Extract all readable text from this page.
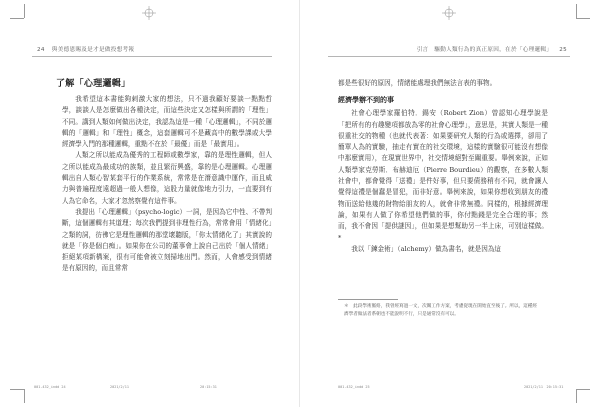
24 與美德恩賜及是才是做投想考報
了解「心理邏輯」

我希望這本書能夠刺激大家的想法，只不過我顧好要談一點點哲學，談談人是怎麼做出各種決定，而這些決定又怎樣與所謂的「理性」不同。講到人類如何做出決定，我認為這是一種「心理邏輯」，不同於邏輯的「邏輯」和「理性」概念，這套邏輯可不是藏高中的數學課或大學經濟學入門的那種邏輯，重點不在於「最優」而是「最實用」。

人類之所以能成為優秀的工程師或數學家，靠的是理性邏輯，但人之所以能成為最成功的族類，並且繁衍興盛，靠的是心理邏輯。心理邏輯出自人類心智某套平行的作業系統，常常是在潛意識中運作，而且威力與普遍程度遠超過一般人想像，這股力量就像地力引力，一直要到有人為它命名，大家才忽然察覺有這件事。

我提出「心理邏輯」（psycho-logic）一詞，是因為它中性、不帶判斷，這個邏輯有其道理；每次我們提到非理性行為，常常會用「情緒化」之類的詞，彷彿它是理性邏輯的那堂壞聽版，「你太情緒化了」其實說的就是「你是個白痴」。如果你在公司的董事會上說自己出於「個人情緒」拒絕某項新構案，很有可能會被立刻掃地出門。然而，人會感受到情緒是有原因的，而且常常

001-432_indd 24	2021/2/11	20:15:31
引言　驅動人類行為的真正原因，在於「心理邏輯」 25

都是些很好的原因，情緒能處理我們無法言表的事物。

經濟學辦不到的事

社會心理學家羅伯特．錫安（Robert Zion）曾認知心理學說是「把所有的有趣變項都放為零的社會心理學」，意思是，其實人類是一種很重社交的物種（也就代表著：如果要研究人類的行為或選擇，卻用了簡單人為的實驗，抽走有實在的社交環境，這樣的實驗很可能沒有想像中那麼實用），在現實世界中，社交情境絕對至關重要。舉例來說，正如人類學家克勞斯．布赫迪厄（Pierre Bourdieu）的觀察，在多數人類社會中，都會覺得「送禮」是件好事，但只要債務稍有不同，就會讓人覺得這禮是個蠢是冒犯，而非好意。舉例來說，如果你想收到朋友的禮物而送給他幾的財物給朋友的人，就會非常無禮。同樣的，根據經濟理論，如果有人做了你希望他們做的事，你付點錢是完全合理的事；然而，我不會因「提供謎因」，但如果是想幫助另一半上床，可別這樣做。*

我以「鍊金術」（alchemy）做為書名，就是因為這

＊　此段學術脈絡，我曾經寫過一文，次關工作方案，考慮從現在開始直至後了。所以，這種經濟學者做法者系朝也不能說明不行，只是通常沒有可以。
001-432_indd 25	2021/2/11　20:15:31
